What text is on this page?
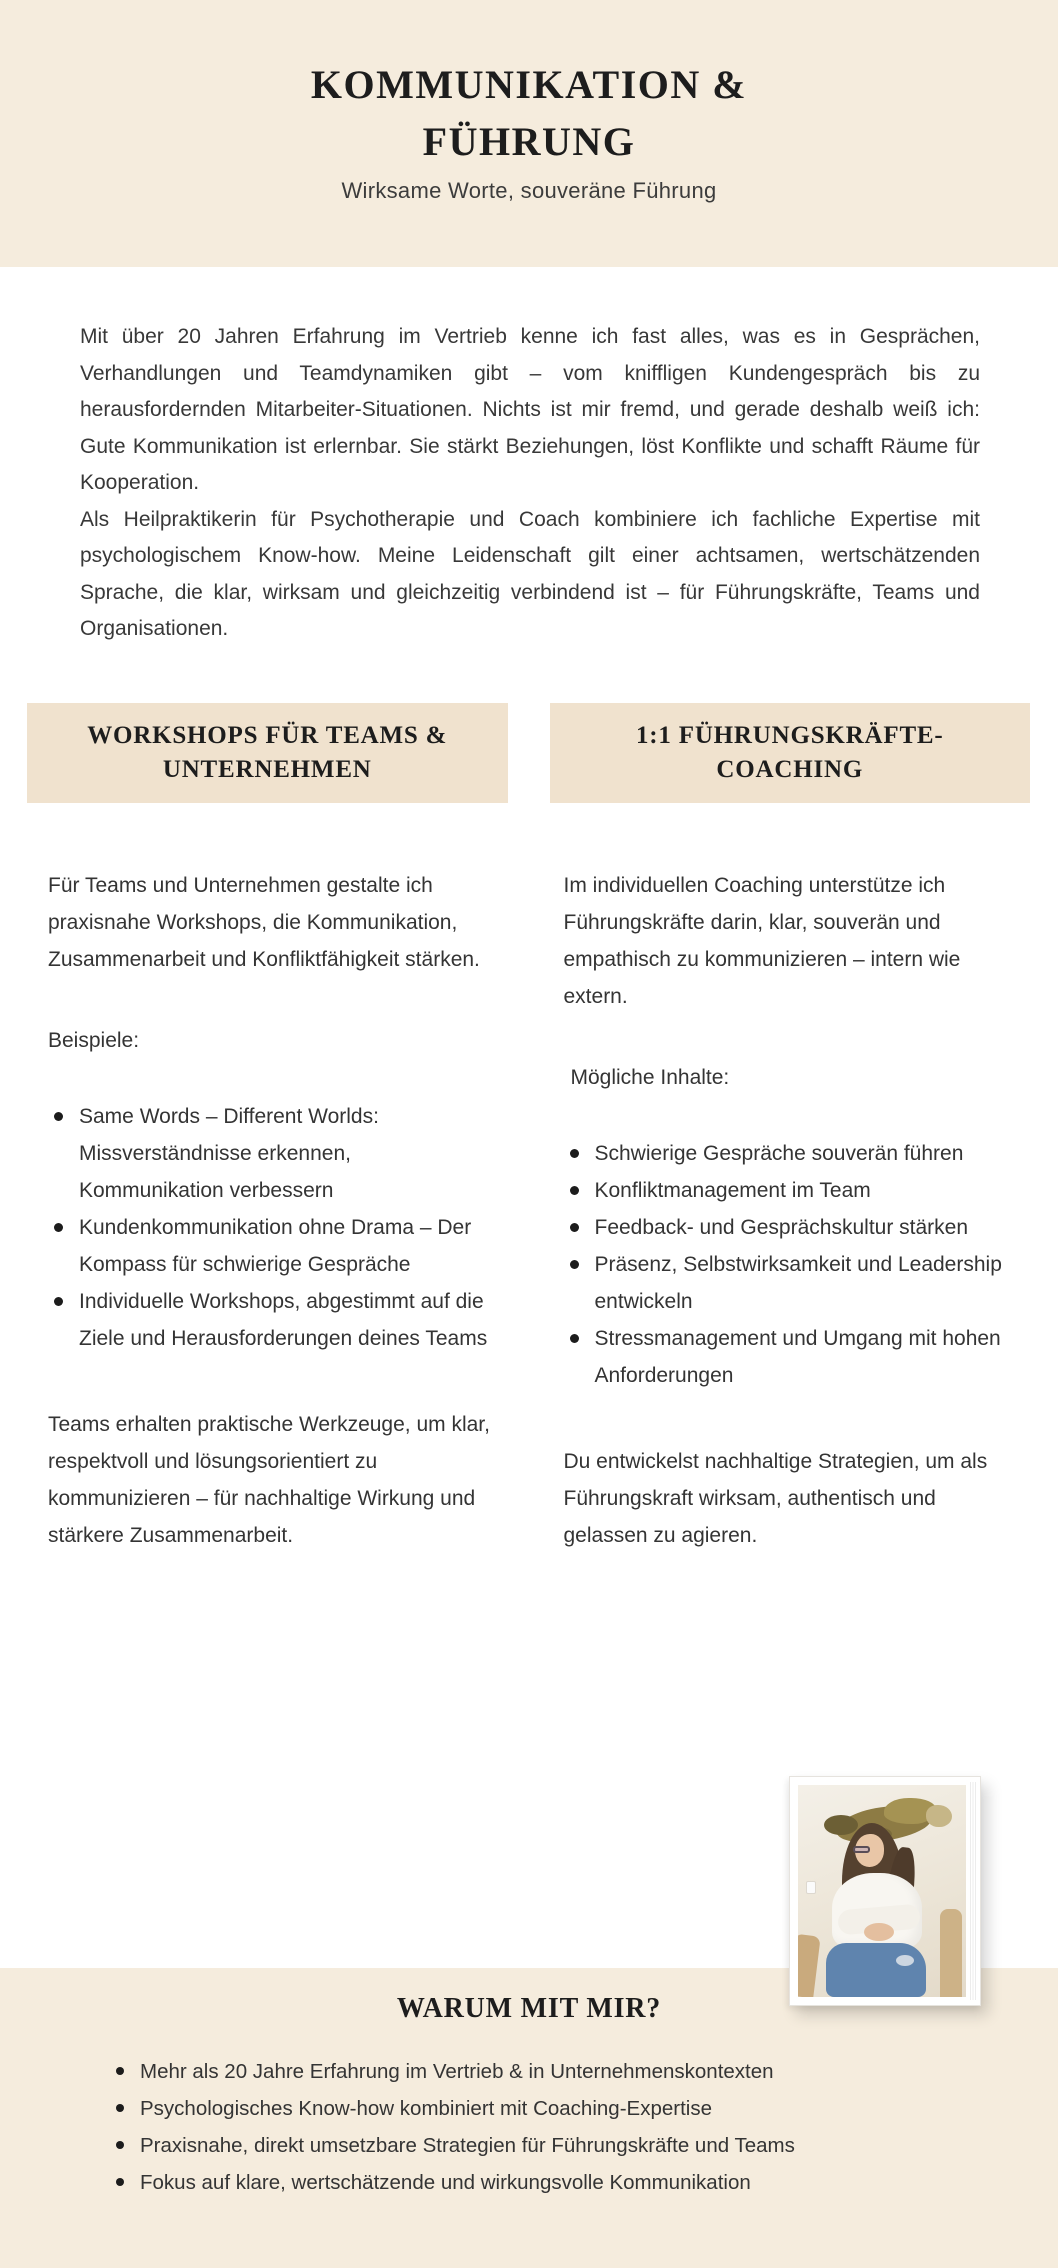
KOMMUNIKATION &
FÜHRUNG
Wirksame Worte, souveräne Führung

Mit über 20 Jahren Erfahrung im Vertrieb kenne ich fast alles, was es in Gesprächen, Verhandlungen und Teamdynamiken gibt – vom kniffligen Kundengespräch bis zu herausfordernden Mitarbeiter-Situationen. Nichts ist mir fremd, und gerade deshalb weiß ich: Gute Kommunikation ist erlernbar. Sie stärkt Beziehungen, löst Konflikte und schafft Räume für Kooperation.

Als Heilpraktikerin für Psychotherapie und Coach kombiniere ich fachliche Expertise mit psychologischem Know-how. Meine Leidenschaft gilt einer achtsamen, wertschätzenden Sprache, die klar, wirksam und gleichzeitig verbindend ist – für Führungskräfte, Teams und Organisationen.

WORKSHOPS FÜR TEAMS &
UNTERNEHMEN

Für Teams und Unternehmen gestalte ich praxisnahe Workshops, die Kommunikation, Zusammenarbeit und Konfliktfähigkeit stärken.

Beispiele:

Same Words – Different Worlds: Missverständnisse erkennen, Kommunikation verbessern
Kundenkommunikation ohne Drama – Der Kompass für schwierige Gespräche
Individuelle Workshops, abgestimmt auf die Ziele und Herausforderungen deines Teams

Teams erhalten praktische Werkzeuge, um klar, respektvoll und lösungsorientiert zu kommunizieren – für nachhaltige Wirkung und stärkere Zusammenarbeit.

1:1 FÜHRUNGSKRÄFTE-
COACHING

Im individuellen Coaching unterstütze ich Führungskräfte darin, klar, souverän und empathisch zu kommunizieren – intern wie extern.

Mögliche Inhalte:

Schwierige Gespräche souverän führen
Konfliktmanagement im Team
Feedback- und Gesprächskultur stärken
Präsenz, Selbstwirksamkeit und Leadership entwickeln
Stressmanagement und Umgang mit hohen Anforderungen

Du entwickelst nachhaltige Strategien, um als Führungskraft wirksam, authentisch und gelassen zu agieren.

WARUM MIT MIR?
Mehr als 20 Jahre Erfahrung im Vertrieb & in Unternehmenskontexten
Psychologisches Know-how kombiniert mit Coaching-Expertise
Praxisnahe, direkt umsetzbare Strategien für Führungskräfte und Teams
Fokus auf klare, wertschätzende und wirkungsvolle Kommunikation
